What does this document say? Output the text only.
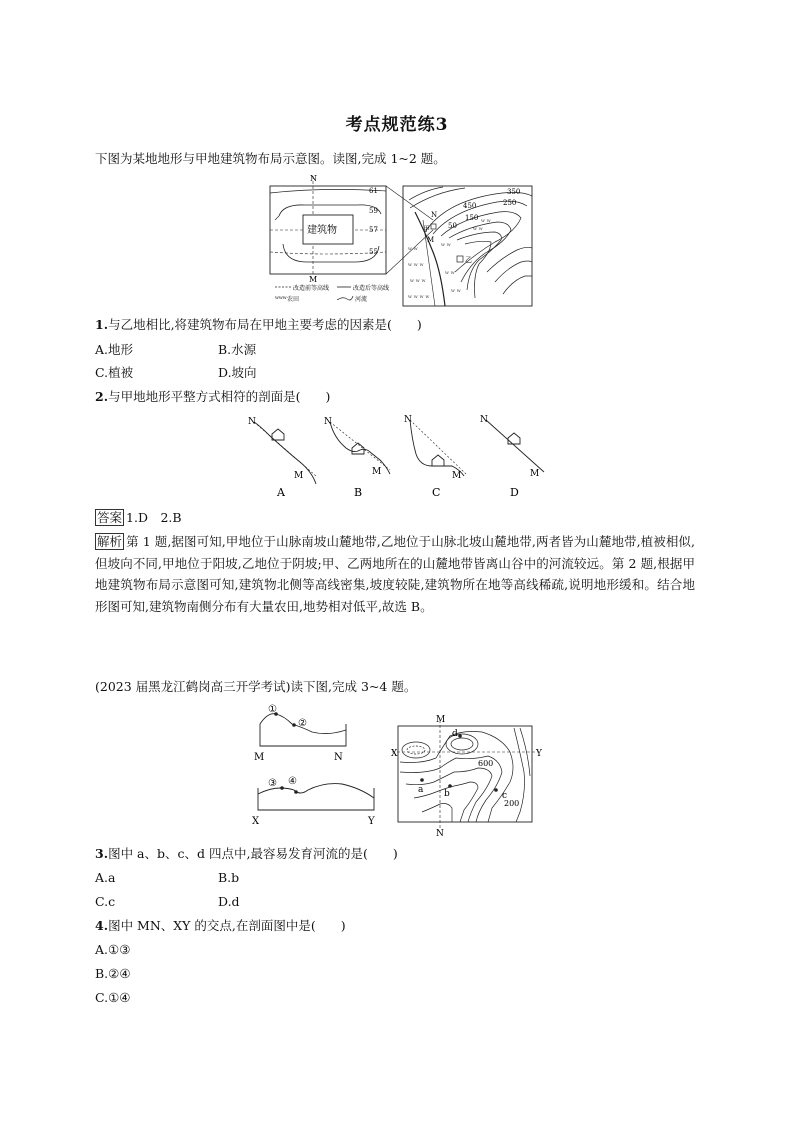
考点规范练3
下图为某地地形与甲地建筑物布局示意图。读图,完成 1~2 题。
N
M
建筑物
61
59
57
55
改造前等高线	改造后等高线
ᵂᵂᵂ 农田	河流
350
250
450
150
50
N
M
甲
乙
ᵂ ᵂ
ᵂ ᵂ ᵂ
ᵂ ᵂ ᵂ
ᵂ ᵂ ᵂ ᵂ
ᵂ ᵂ
ᵂ ᵂ
ᵂ ᵂ
ᵂ ᵂ
ᵂ ᵂ
1.与乙地相比,将建筑物布局在甲地主要考虑的因素是(　　)
A.地形	B.水源
C.植被	D.坡向
2.与甲地地形平整方式相符的剖面是(　　)
N
M
N
M
N
M
N
M
A	B	C	D
答案 1.D　2.B
解析 第 1 题,据图可知,甲地位于山脉南坡山麓地带,乙地位于山脉北坡山麓地带,两者皆为山麓地带,植被相似,但坡向不同,甲地位于阳坡,乙地位于阴坡;甲、乙两地所在的山麓地带皆离山谷中的河流较远。第 2 题,根据甲地建筑物布局示意图可知,建筑物北侧等高线密集,坡度较陡,建筑物所在地等高线稀疏,说明地形缓和。结合地形图可知,建筑物南侧分布有大量农田,地势相对低平,故选 B。
(2023 届黑龙江鹤岗高三开学考试)读下图,完成 3~4 题。
①
②
③ ④
M	N
X	Y
a b	c
d
600
200
M
N
X	Y
3.图中 a、b、c、d 四点中,最容易发育河流的是(　　)
A.a	B.b
C.c	D.d
4.图中 MN、XY 的交点,在剖面图中是(　　)
A.①③
B.②④
C.①④
